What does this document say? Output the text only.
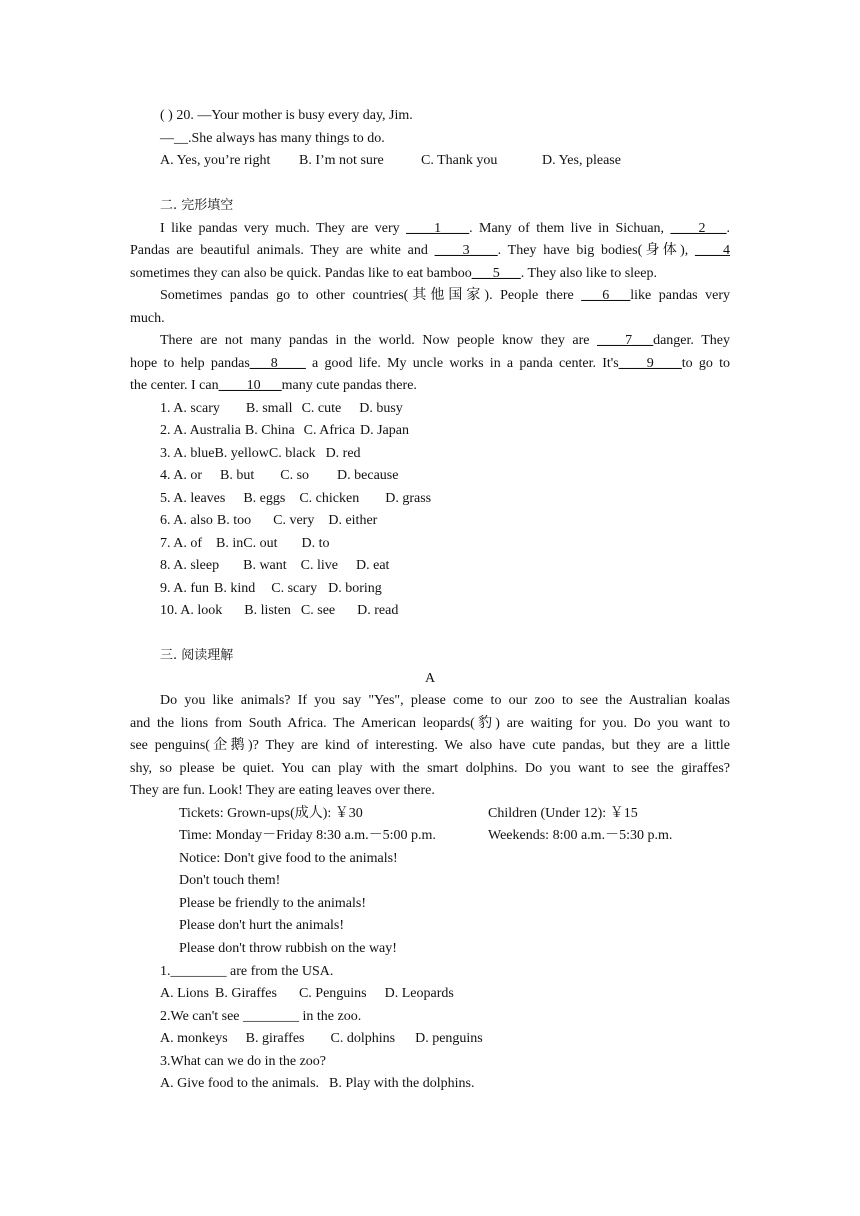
( ) 20. —Your mother is busy every day, Jim.
—__.She always has many things to do.
A. Yes, you’re right B. I’m not sure	C. Thank you	D. Yes, please
二. 完形填空
I like pandas very much. They are very ____1____. Many of them live in Sichuan, ____2___.
Pandas are beautiful animals. They are white and ____3____. They have big bodies(身体), ____4
sometimes they can also be quick. Pandas like to eat bamboo___5___. They also like to sleep.
Sometimes pandas go to other countries(其他国家). People there ___6___like pandas very
much.
There are not many pandas in the world. Now people know they are ____7___danger. They
hope to help pandas___8____ a good life. My uncle works in a panda center. It's____9____to go to
the center. I can____10___many cute pandas there.
1. A. scary B. small C. cute D. busy
2. A. Australia B. China C. Africa D. Japan
3. A. blueB. yellowC. black D. red
4. A. or B. but C. so D. because
5. A. leaves B. eggs C. chicken D. grass
6. A. also B. too C. very D. either
7. A. of B. inC. out D. to
8. A. sleep B. want C. live D. eat
9. A. fun B. kind C. scary D. boring
10. A. look B. listen C. see D. read
三. 阅读理解
A
Do you like animals? If you say "Yes", please come to our zoo to see the Australian koalas
and the lions from South Africa. The American leopards(豹) are waiting for you. Do you want to
see penguins(企鹅)? They are kind of interesting. We also have cute pandas, but they are a little
shy, so please be quiet. You can play with the smart dolphins. Do you want to see the giraffes?
They are fun. Look! They are eating leaves over there.
Tickets: Grown-ups(成人): ￥30	Children (Under 12): ￥15
Time: Monday－Friday 8:30 a.m.－5:00 p.m.	Weekends: 8:00 a.m.－5:30 p.m.
Notice: Don't give food to the animals!
Don't touch them!
Please be friendly to the animals!
Please don't hurt the animals!
Please don't throw rubbish on the way!
1.________ are from the USA.
A. Lions B. Giraffes C. Penguins D. Leopards
2.We can't see ________ in the zoo.
A. monkeys B. giraffes C. dolphins D. penguins
3.What can we do in the zoo?
A. Give food to the animals. B. Play with the dolphins.
